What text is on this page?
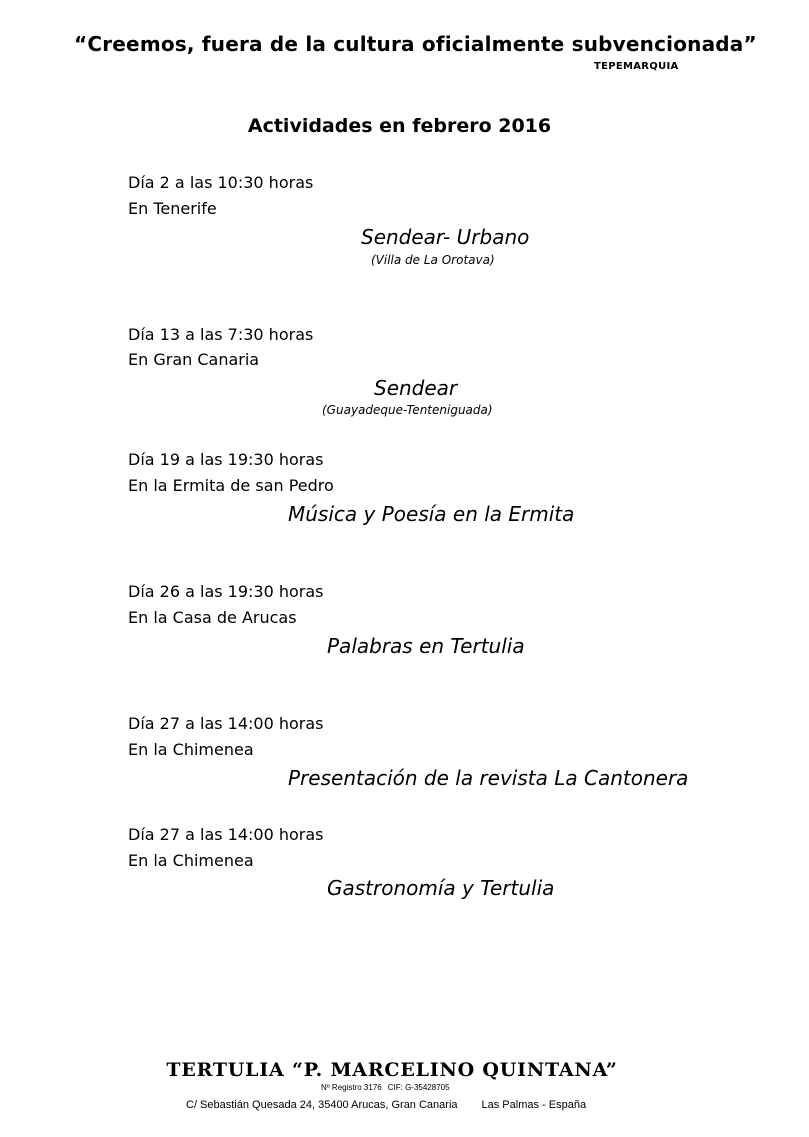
“Creemos, fuera de la cultura oficialmente subvencionada”
TEPEMARQUIA
Actividades en febrero 2016
Día 2 a las 10:30 horas
En Tenerife
Sendear- Urbano
(Villa de La Orotava)
Día 13 a las 7:30 horas
En Gran Canaria
Sendear
(Guayadeque-Tenteniguada)
Día 19 a las 19:30 horas
En la Ermita de san Pedro
Música y Poesía en la Ermita
Día 26 a las 19:30 horas
En la Casa de Arucas
Palabras en Tertulia
Día 27 a las 14:00 horas
En la Chimenea
Presentación de la revista La Cantonera
Día 27 a las 14:00 horas
En la Chimenea
Gastronomía y Tertulia
TERTULIA “P. MARCELINO QUINTANA”
Nº Registro 3176 CIF: G-35428705
C/ Sebastián Quesada 24, 35400 Arucas, Gran Canaria Las Palmas - España
